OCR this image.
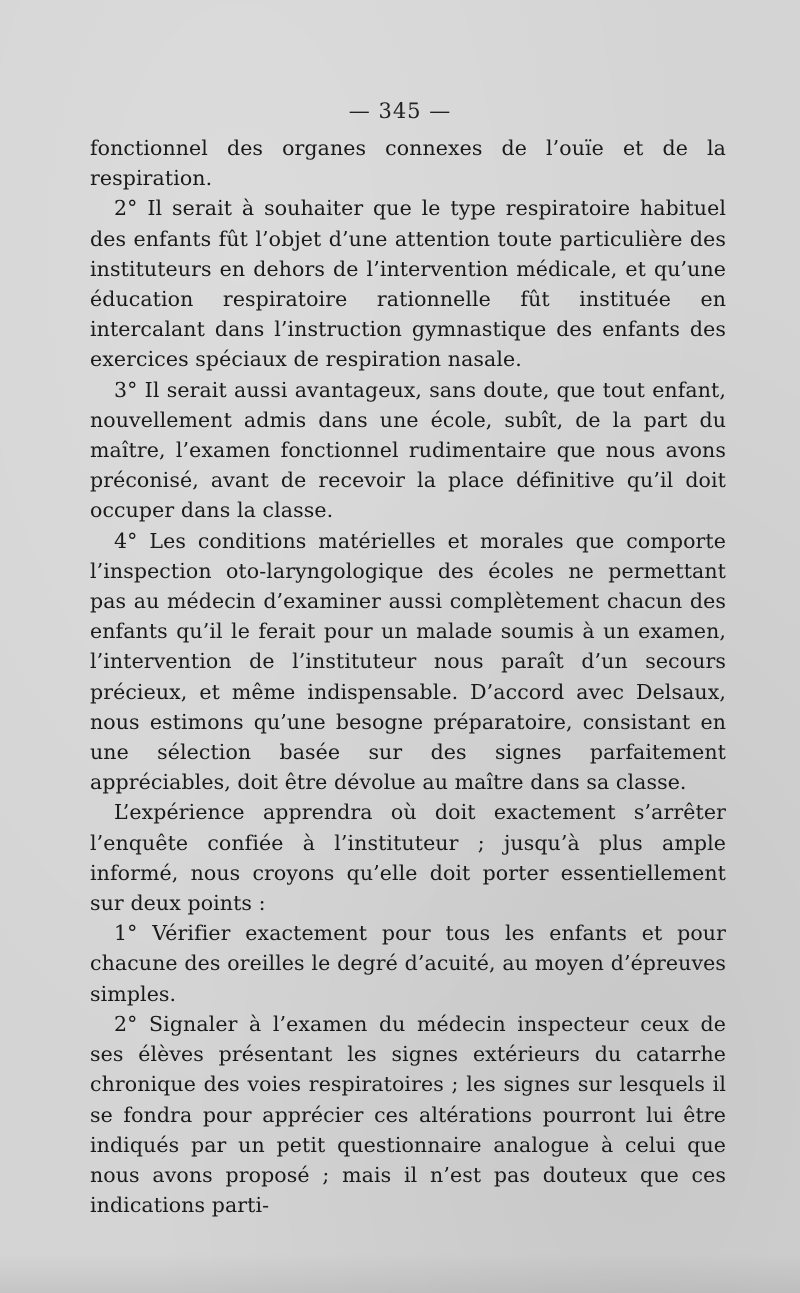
— 345 —

fonctionnel des organes connexes de l’ouïe et de la respiration.

2° Il serait à souhaiter que le type respiratoire habituel des enfants fût l’objet d’une attention toute particulière des instituteurs en dehors de l’intervention médicale, et qu’une éducation respiratoire rationnelle fût instituée en intercalant dans l’instruction gymnastique des enfants des exercices spéciaux de respiration nasale.

3° Il serait aussi avantageux, sans doute, que tout enfant, nouvellement admis dans une école, subît, de la part du maître, l’examen fonctionnel rudimentaire que nous avons préconisé, avant de recevoir la place définitive qu’il doit occuper dans la classe.

4° Les conditions matérielles et morales que comporte l’inspection oto-laryngologique des écoles ne permettant pas au médecin d’examiner aussi complètement chacun des enfants qu’il le ferait pour un malade soumis à un examen, l’intervention de l’instituteur nous paraît d’un secours précieux, et même indispensable. D’accord avec Delsaux, nous estimons qu’une besogne préparatoire, consistant en une sélection basée sur des signes parfaitement appréciables, doit être dévolue au maître dans sa classe.

L’expérience apprendra où doit exactement s’arrêter l’enquête confiée à l’instituteur ; jusqu’à plus ample informé, nous croyons qu’elle doit porter essentiellement sur deux points :

1° Vérifier exactement pour tous les enfants et pour chacune des oreilles le degré d’acuité, au moyen d’épreuves simples.

2° Signaler à l’examen du médecin inspecteur ceux de ses élèves présentant les signes extérieurs du catarrhe chronique des voies respiratoires ; les signes sur lesquels il se fondra pour apprécier ces altérations pourront lui être indiqués par un petit questionnaire analogue à celui que nous avons proposé ; mais il n’est pas douteux que ces indications parti-
